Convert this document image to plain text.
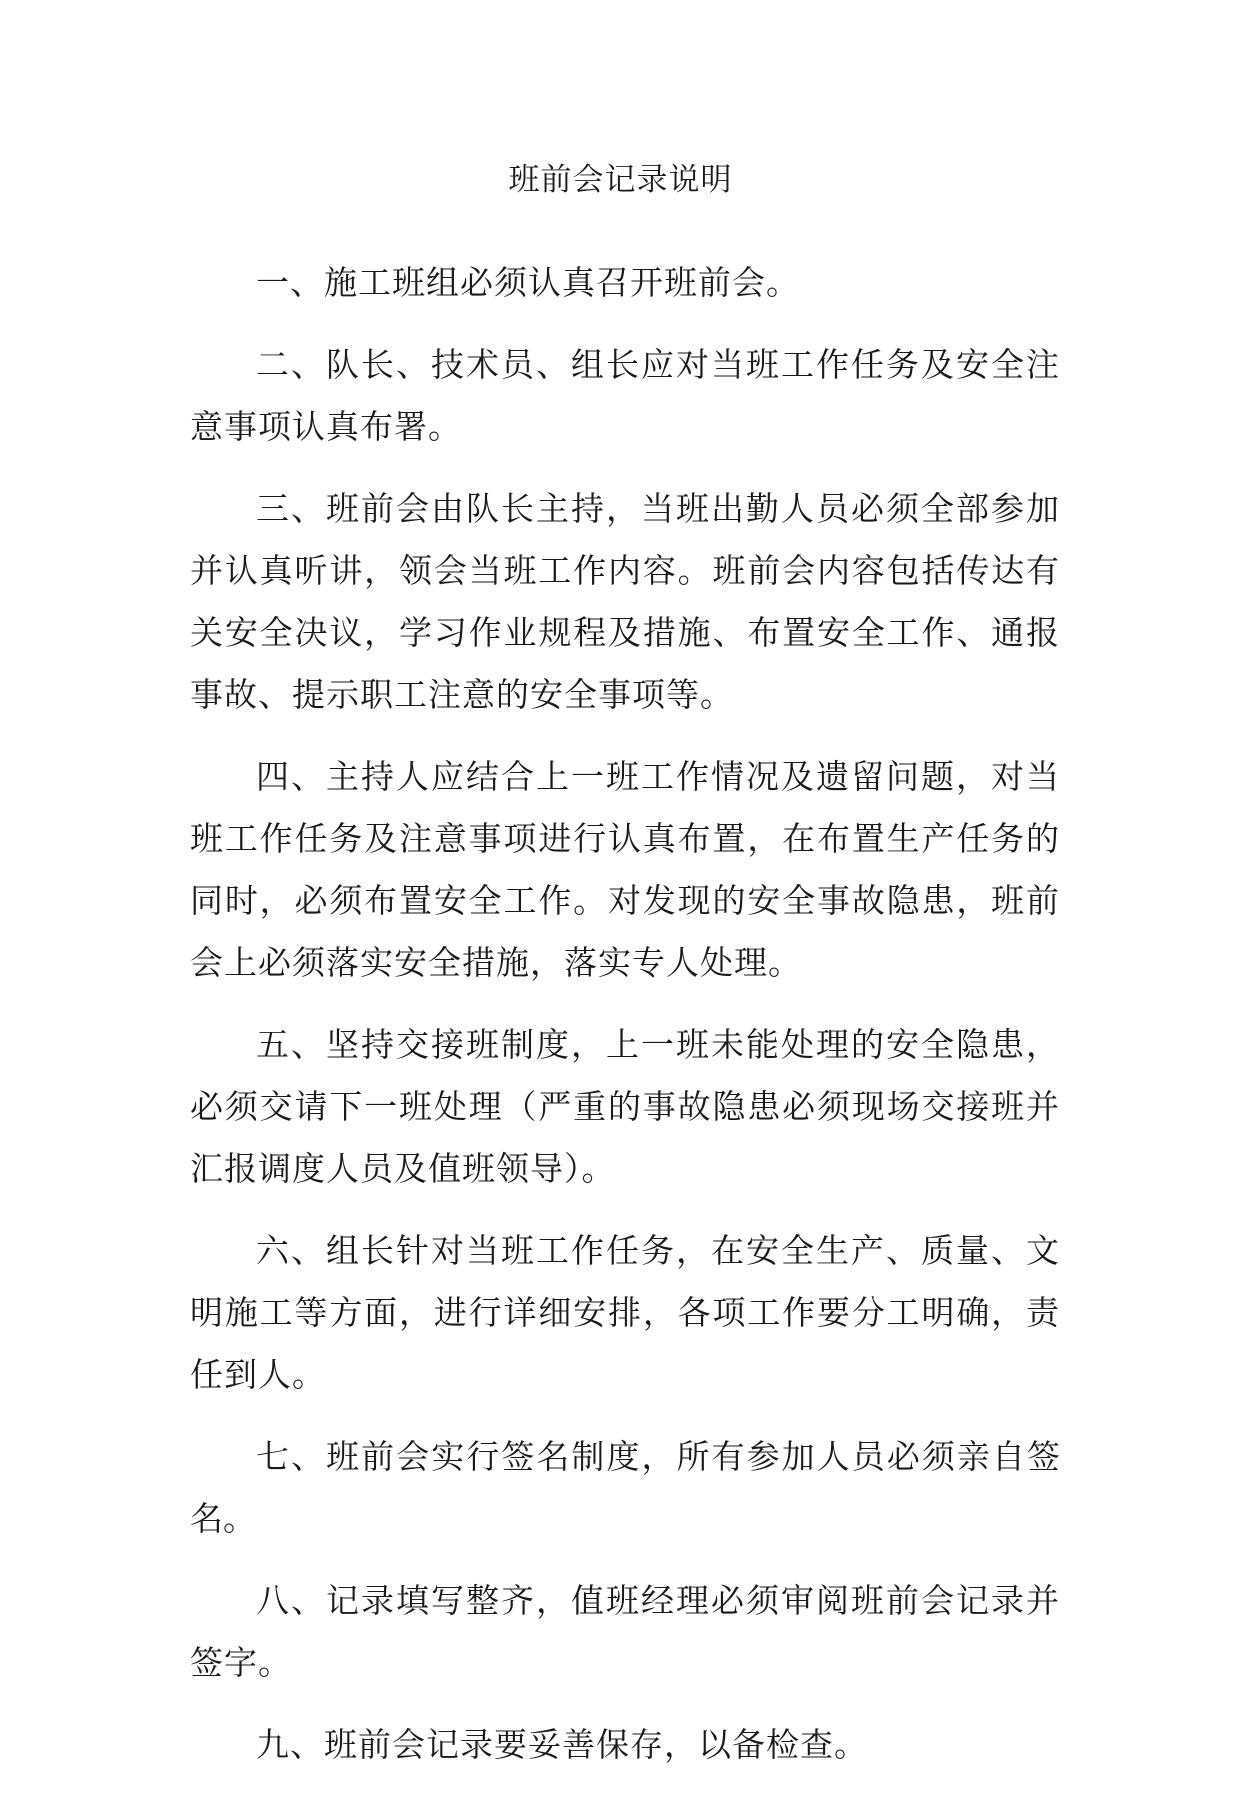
班前会记录说明

一、施工班组必须认真召开班前会。

二、队长、技术员、组长应对当班工作任务及安全注意事项认真布署。

三、班前会由队长主持，当班出勤人员必须全部参加并认真听讲，领会当班工作内容。班前会内容包括传达有关安全决议，学习作业规程及措施、布置安全工作、通报事故、提示职工注意的安全事项等。

四、主持人应结合上一班工作情况及遗留问题，对当班工作任务及注意事项进行认真布置，在布置生产任务的同时，必须布置安全工作。对发现的安全事故隐患，班前会上必须落实安全措施，落实专人处理。

五、坚持交接班制度，上一班未能处理的安全隐患，必须交请下一班处理（严重的事故隐患必须现场交接班并汇报调度人员及值班领导）。

六、组长针对当班工作任务，在安全生产、质量、文明施工等方面，进行详细安排，各项工作要分工明确，责任到人。

七、班前会实行签名制度，所有参加人员必须亲自签名。

八、记录填写整齐，值班经理必须审阅班前会记录并签字。

九、班前会记录要妥善保存，以备检查。
